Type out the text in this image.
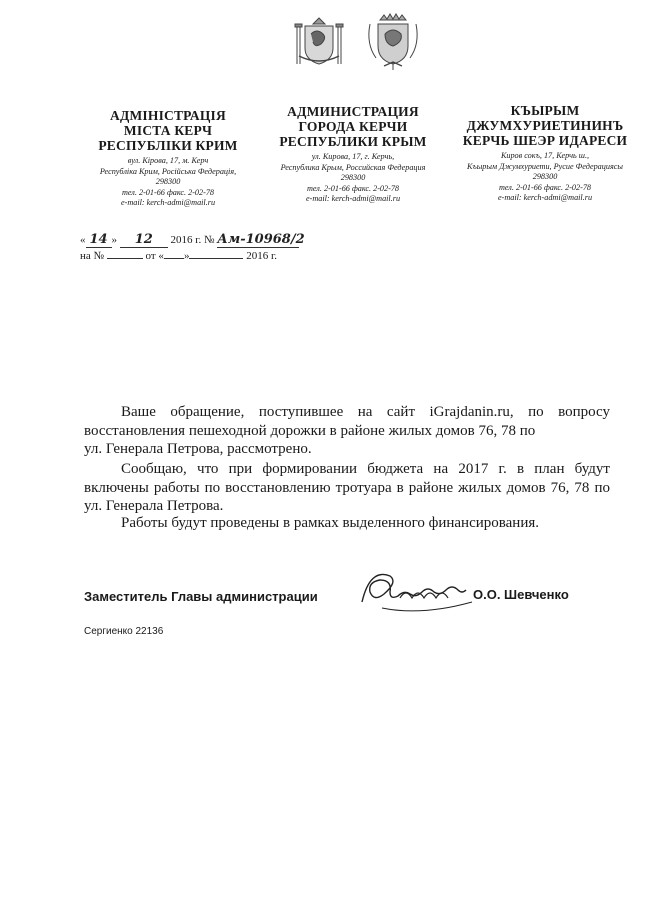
АДМІНІСТРАЦІЯ
МІСТА КЕРЧ
РЕСПУБЛІКИ КРИМ
вул. Кірова, 17, м. Керч
Республіка Крим, Російська Федерація,
298300
тел. 2-01-66 факс. 2-02-78
e-mail: kerch-admi@mail.ru
АДМИНИСТРАЦИЯ
ГОРОДА КЕРЧИ
РЕСПУБЛИКИ КРЫМ
ул. Кирова, 17, г. Керчь,
Республика Крым, Российская Федерация
298300
тел. 2-01-66 факс. 2-02-78
e-mail: kerch-admi@mail.ru
КЪЫРЫМ
ДЖУМХУРИЕТИНИНЪ
КЕРЧЬ ШЕЭР ИДАРЕСИ
Киров сокъ, 17, Керчь ш.,
Къырым Джумхуриети, Русие Федерациясы
298300
тел. 2-01-66 факс. 2-02-78
e-mail: kerch-admi@mail.ru
« 14 » 12 2016 г. № Ам-10968/2
на №	от « »	2016 г.
Ваше обращение, поступившее на сайт iGrajdanin.ru, по вопросу
восстановления пешеходной дорожки в районе жилых домов 76, 78 по
ул. Генерала Петрова, рассмотрено.
Сообщаю, что при формировании бюджета на 2017 г. в план будут включены работы по восстановлению тротуара в районе жилых домов 76, 78 по ул. Генерала Петрова.
Работы будут проведены в рамках выделенного финансирования.
Заместитель Главы администрации	О.О. Шевченко
Сергиенко 22136
